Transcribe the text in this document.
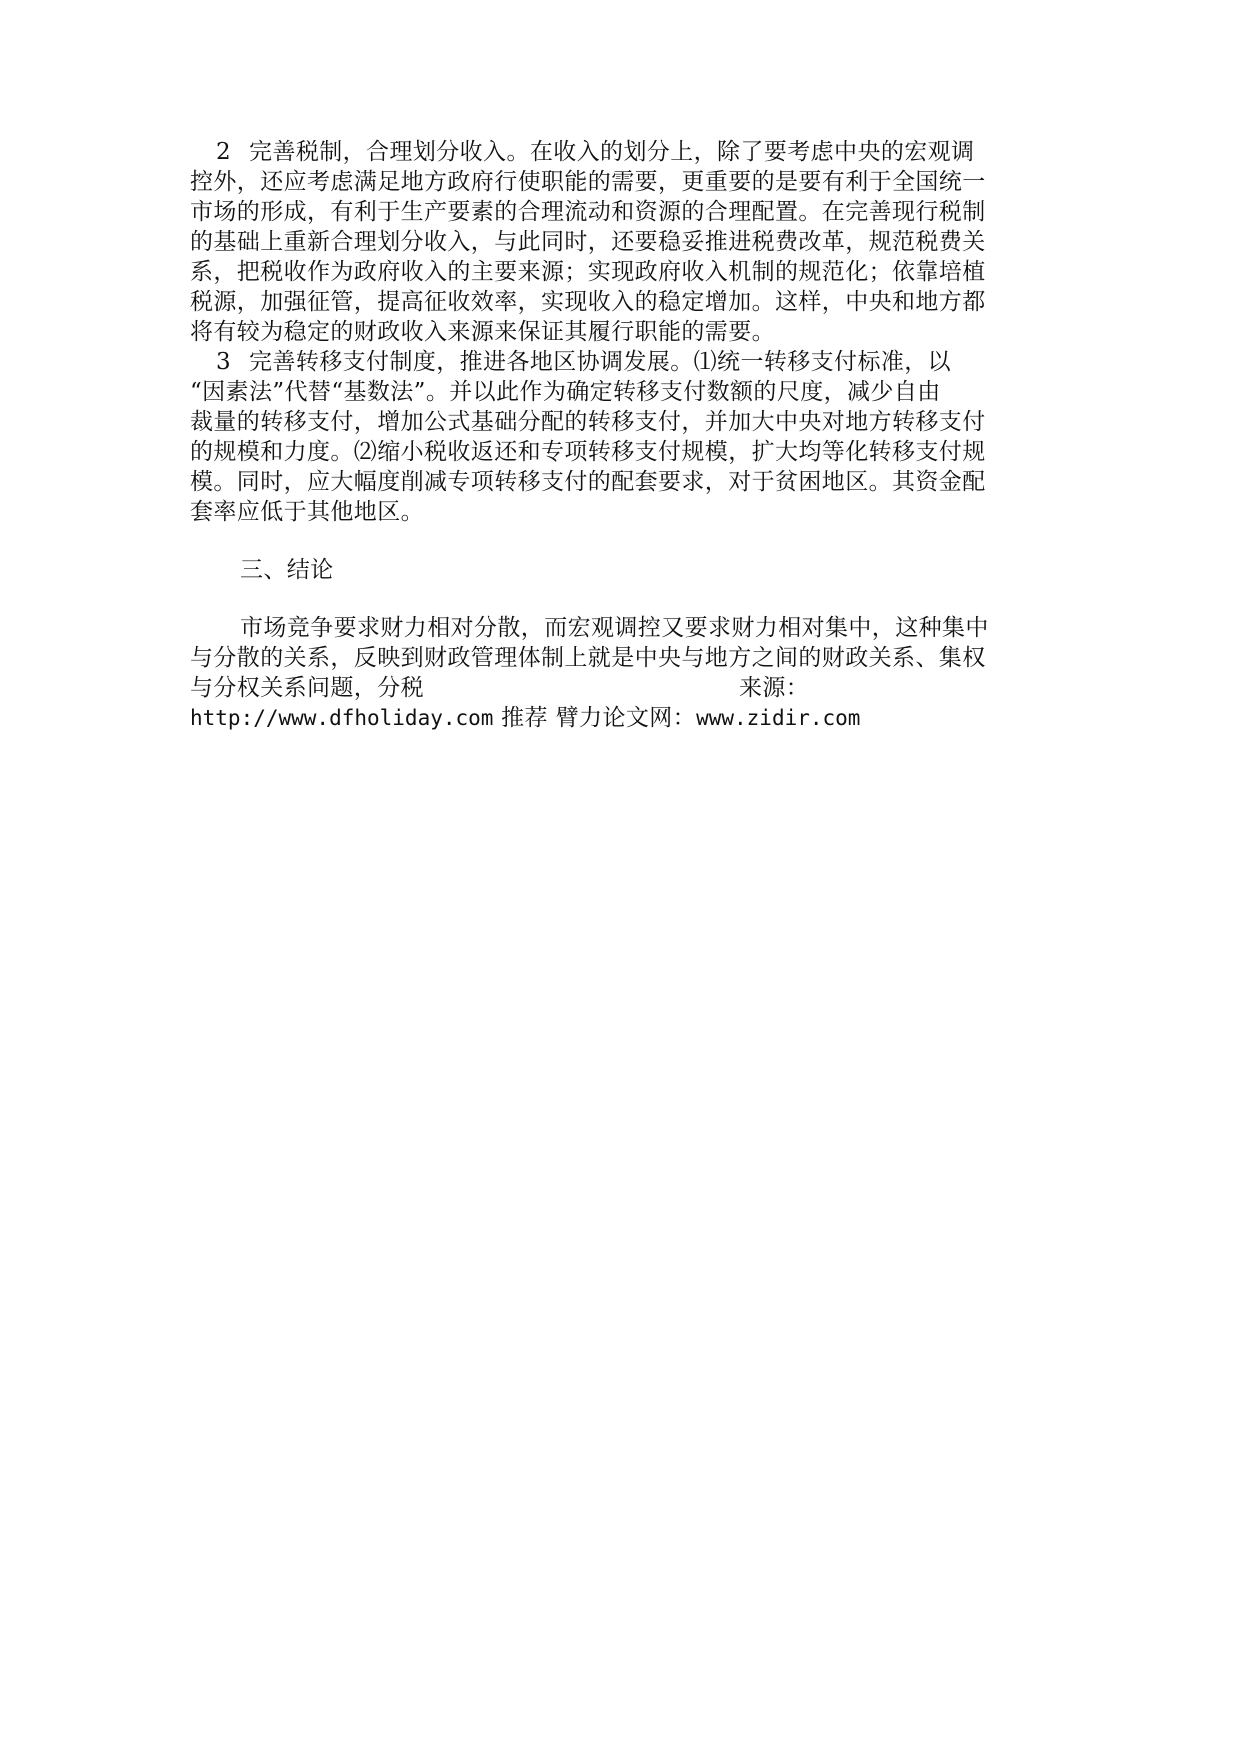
2 完善税制，合理划分收入。在收入的划分上，除了要考虑中央的宏观调
控外，还应考虑满足地方政府行使职能的需要，更重要的是要有利于全国统一
市场的形成，有利于生产要素的合理流动和资源的合理配置。在完善现行税制
的基础上重新合理划分收入，与此同时，还要稳妥推进税费改革，规范税费关
系，把税收作为政府收入的主要来源；实现政府收入机制的规范化；依靠培植
税源，加强征管，提高征收效率，实现收入的稳定增加。这样，中央和地方都
将有较为稳定的财政收入来源来保证其履行职能的需要。
3 完善转移支付制度，推进各地区协调发展。⑴统一转移支付标准，以
“因素法”代替“基数法”。并以此作为确定转移支付数额的尺度，减少自由
裁量的转移支付，增加公式基础分配的转移支付，并加大中央对地方转移支付
的规模和力度。⑵缩小税收返还和专项转移支付规模，扩大均等化转移支付规
模。同时，应大幅度削减专项转移支付的配套要求，对于贫困地区。其资金配
套率应低于其他地区。
三、结论
市场竞争要求财力相对分散，而宏观调控又要求财力相对集中，这种集中
与分散的关系，反映到财政管理体制上就是中央与地方之间的财政关系、集权
与分权关系问题，分税	来源：
http://www.dfholiday.com 推荐 臂力论文网：www.zidir.com
